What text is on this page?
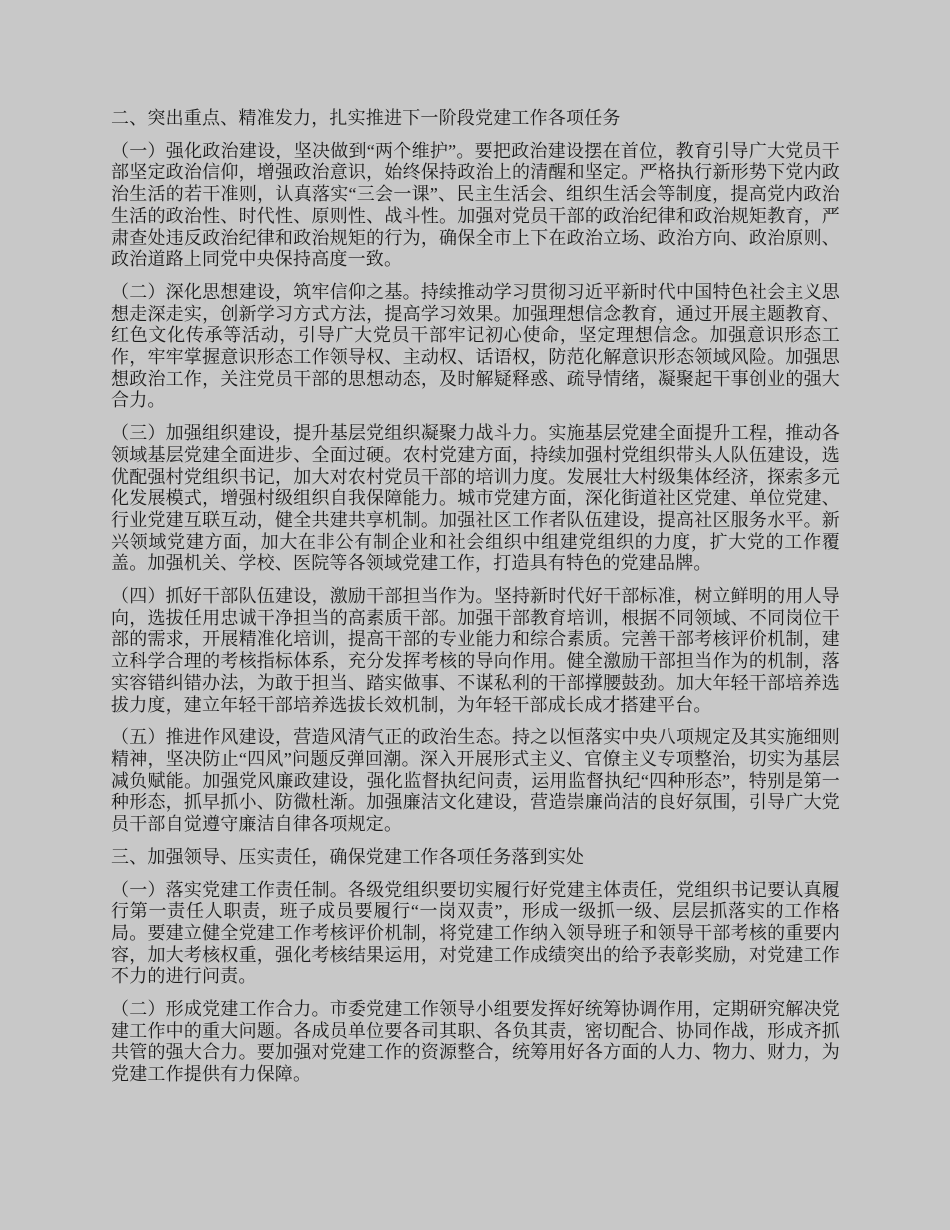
二、突出重点、精准发力，扎实推进下一阶段党建工作各项任务

（一）强化政治建设，坚决做到“两个维护”。要把政治建设摆在首位，教育引导广大党员干部坚定政治信仰，增强政治意识，始终保持政治上的清醒和坚定。严格执行新形势下党内政治生活的若干准则，认真落实“三会一课”、民主生活会、组织生活会等制度，提高党内政治生活的政治性、时代性、原则性、战斗性。加强对党员干部的政治纪律和政治规矩教育，严肃查处违反政治纪律和政治规矩的行为，确保全市上下在政治立场、政治方向、政治原则、政治道路上同党中央保持高度一致。

（二）深化思想建设，筑牢信仰之基。持续推动学习贯彻习近平新时代中国特色社会主义思想走深走实，创新学习方式方法，提高学习效果。加强理想信念教育，通过开展主题教育、红色文化传承等活动，引导广大党员干部牢记初心使命，坚定理想信念。加强意识形态工作，牢牢掌握意识形态工作领导权、主动权、话语权，防范化解意识形态领域风险。加强思想政治工作，关注党员干部的思想动态，及时解疑释惑、疏导情绪，凝聚起干事创业的强大合力。

（三）加强组织建设，提升基层党组织凝聚力战斗力。实施基层党建全面提升工程，推动各领域基层党建全面进步、全面过硬。农村党建方面，持续加强村党组织带头人队伍建设，选优配强村党组织书记，加大对农村党员干部的培训力度。发展壮大村级集体经济，探索多元化发展模式，增强村级组织自我保障能力。城市党建方面，深化街道社区党建、单位党建、行业党建互联互动，健全共建共享机制。加强社区工作者队伍建设，提高社区服务水平。新兴领域党建方面，加大在非公有制企业和社会组织中组建党组织的力度，扩大党的工作覆盖。加强机关、学校、医院等各领域党建工作，打造具有特色的党建品牌。

（四）抓好干部队伍建设，激励干部担当作为。坚持新时代好干部标准，树立鲜明的用人导向，选拔任用忠诚干净担当的高素质干部。加强干部教育培训，根据不同领域、不同岗位干部的需求，开展精准化培训，提高干部的专业能力和综合素质。完善干部考核评价机制，建立科学合理的考核指标体系，充分发挥考核的导向作用。健全激励干部担当作为的机制，落实容错纠错办法，为敢于担当、踏实做事、不谋私利的干部撑腰鼓劲。加大年轻干部培养选拔力度，建立年轻干部培养选拔长效机制，为年轻干部成长成才搭建平台。

（五）推进作风建设，营造风清气正的政治生态。持之以恒落实中央八项规定及其实施细则精神，坚决防止“四风”问题反弹回潮。深入开展形式主义、官僚主义专项整治，切实为基层减负赋能。加强党风廉政建设，强化监督执纪问责，运用监督执纪“四种形态”，特别是第一种形态，抓早抓小、防微杜渐。加强廉洁文化建设，营造崇廉尚洁的良好氛围，引导广大党员干部自觉遵守廉洁自律各项规定。

三、加强领导、压实责任，确保党建工作各项任务落到实处

（一）落实党建工作责任制。各级党组织要切实履行好党建主体责任，党组织书记要认真履行第一责任人职责，班子成员要履行“一岗双责”，形成一级抓一级、层层抓落实的工作格局。要建立健全党建工作考核评价机制，将党建工作纳入领导班子和领导干部考核的重要内容，加大考核权重，强化考核结果运用，对党建工作成绩突出的给予表彰奖励，对党建工作不力的进行问责。

（二）形成党建工作合力。市委党建工作领导小组要发挥好统筹协调作用，定期研究解决党建工作中的重大问题。各成员单位要各司其职、各负其责，密切配合、协同作战，形成齐抓共管的强大合力。要加强对党建工作的资源整合，统筹用好各方面的人力、物力、财力，为党建工作提供有力保障。
